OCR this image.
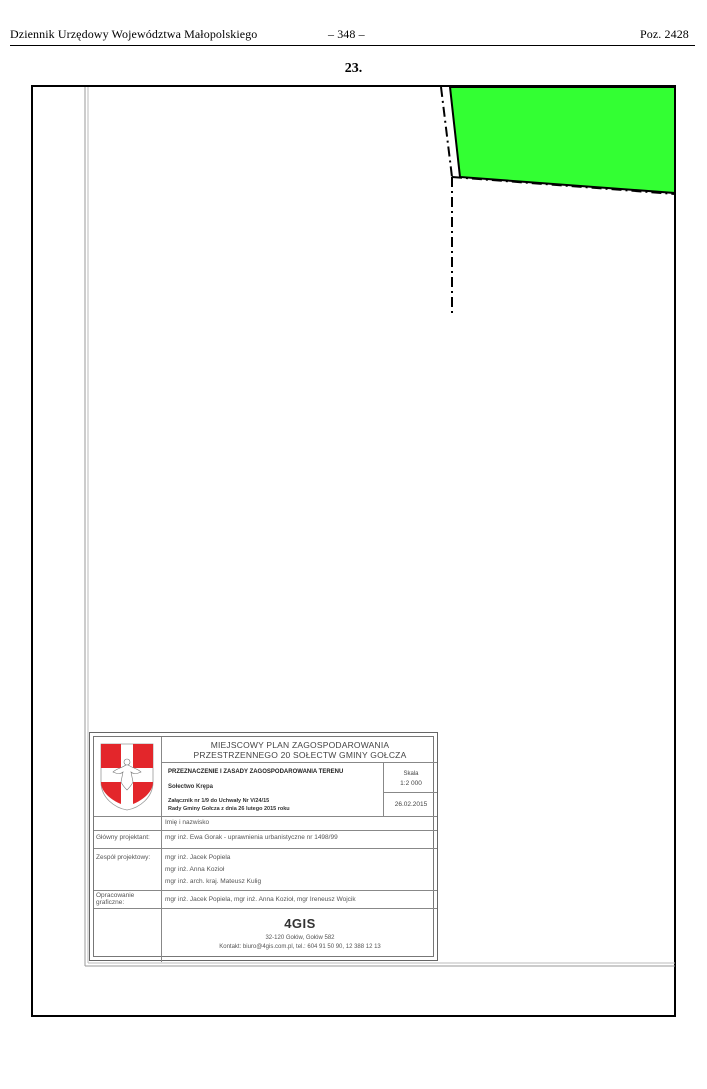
Dziennik Urzędowy Województwa Małopolskiego	– 348 –	Poz. 2428
23.
MIEJSCOWY PLAN ZAGOSPODAROWANIA
PRZESTRZENNEGO 20 SOŁECTW GMINY GOŁCZA
PRZEZNACZENIE I ZASADY ZAGOSPODAROWANIA TERENU
Sołectwo Krępa
Załącznik nr 1/9 do Uchwały Nr V/24/15
Rady Gminy Gołcza z dnia 26 lutego 2015 roku
Skala
1:2 000
26.02.2015
Imię i nazwisko
Główny projektant:	mgr inż. Ewa Gorak - uprawnienia urbanistyczne nr 1498/99
Zespół projektowy:	mgr inż. Jacek Popiela
mgr inż. Anna Kozioł
mgr inż. arch. kraj. Mateusz Kulig
Opracowanie graficzne:	mgr inż. Jacek Popiela, mgr inż. Anna Kozioł, mgr Ireneusz Wojcik
4GIS
32-120 Gołów, Gołów 582
Kontakt: biuro@4gis.com.pl, tel.: 604 91 50 90, 12 388 12 13
